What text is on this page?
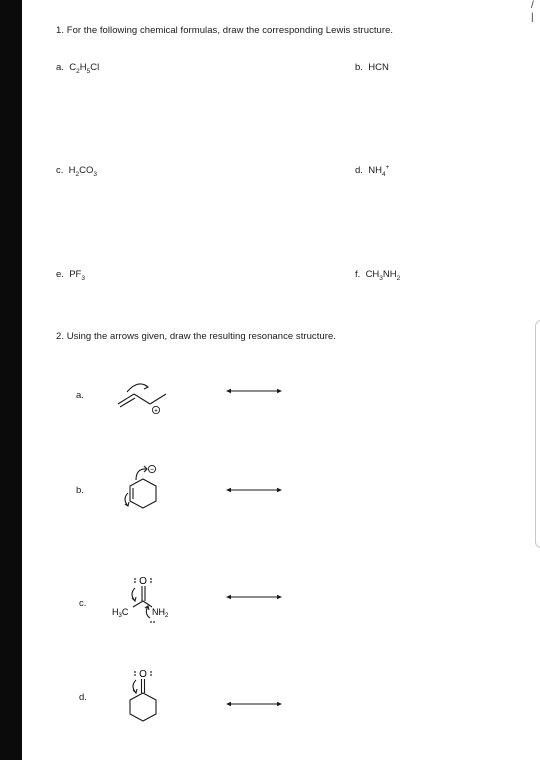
/
|
1. For the following chemical formulas, draw the corresponding Lewis structure.
a. $C_2H_5Cl$	b. HCN
c. $H_2CO_3$	d. $NH_4^+$
e. $PF_3$	f. $CH_3NH_2$
2. Using the arrows given, draw the resulting resonance structure.
a.
b.
c.
d.
+
−
O
$H_3C$	$NH_2$
O
